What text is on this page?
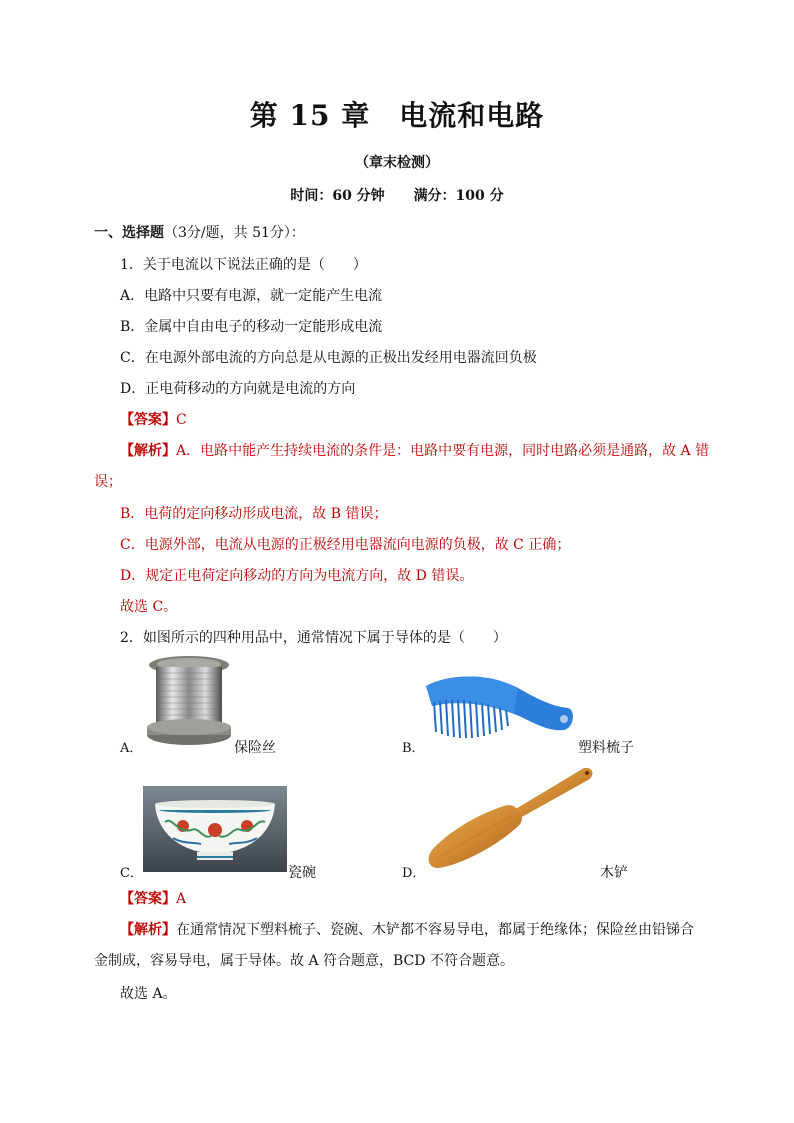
第 15 章　电流和电路
（章末检测）
时间：60 分钟 满分：100 分
一、选择题（3分/题，共 51分）：
1．关于电流以下说法正确的是（　　）
A．电路中只要有电源，就一定能产生电流
B．金属中自由电子的移动一定能形成电流
C．在电源外部电流的方向总是从电源的正极出发经用电器流回负极
D．正电荷移动的方向就是电流的方向
【答案】C
【解析】A．电路中能产生持续电流的条件是：电路中要有电源，同时电路必须是通路，故 A 错
误；
B．电荷的定向移动形成电流，故 B 错误；
C．电源外部，电流从电源的正极经用电器流向电源的负极，故 C 正确；
D．规定正电荷定向移动的方向为电流方向，故 D 错误。
故选 C。
2．如图所示的四种用品中，通常情况下属于导体的是（　　）
A．	保险丝	B．	塑料梳子
C．	瓷碗	D．	木铲
【答案】A
【解析】在通常情况下塑料梳子、瓷碗、木铲都不容易导电，都属于绝缘体；保险丝由铅锑合
金制成，容易导电，属于导体。故 A 符合题意，BCD 不符合题意。
故选 A。
